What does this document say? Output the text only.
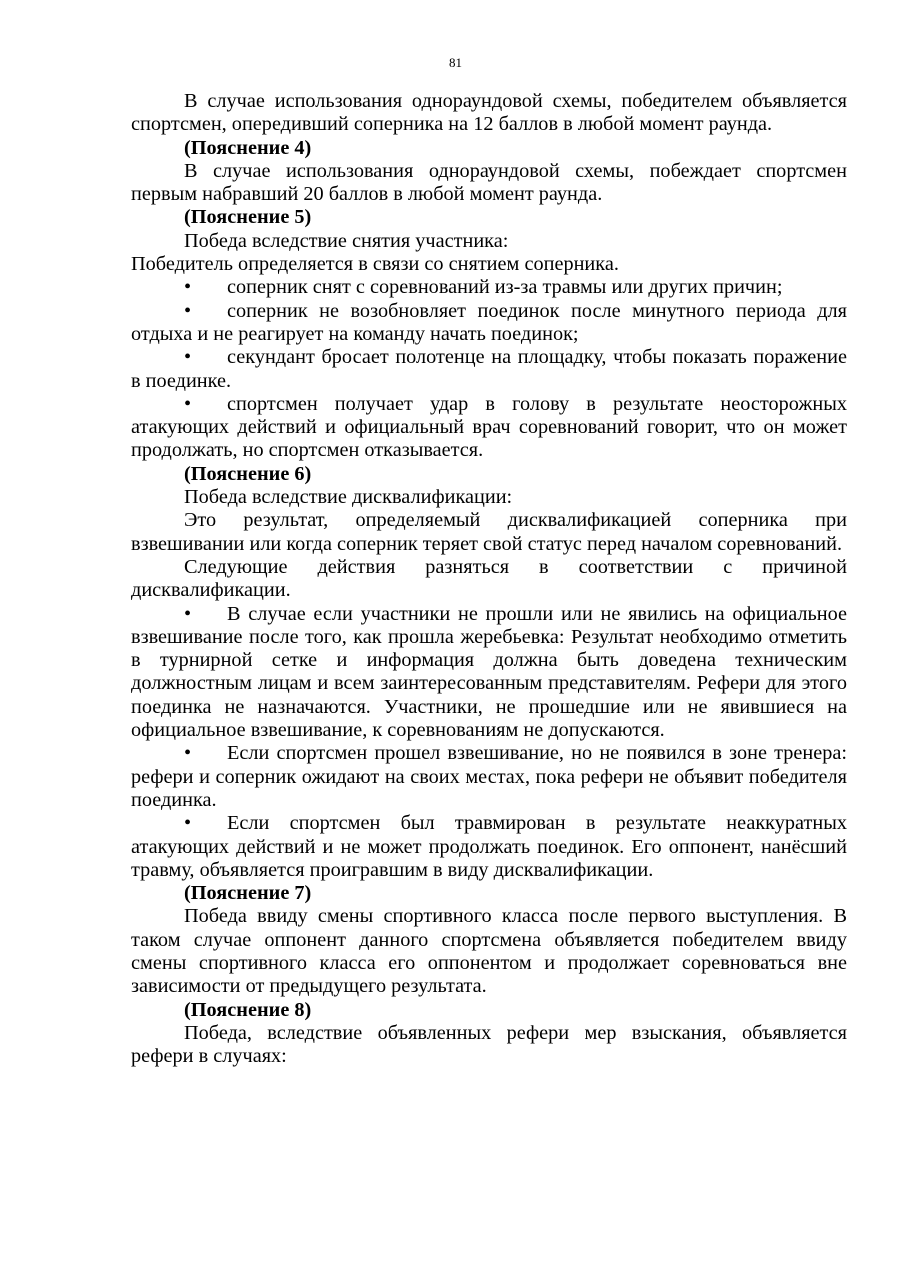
81

В случае использования однораундовой схемы, победителем объявляется спортсмен, опередивший соперника на 12 баллов в любой момент раунда.

(Пояснение 4)

В случае использования однораундовой схемы, побеждает спортсмен первым набравший 20 баллов в любой момент раунда.

(Пояснение 5)

Победа вследствие снятия участника:

Победитель определяется в связи со снятием соперника.

• соперник снят с соревнований из-за травмы или других причин;

• соперник не возобновляет поединок после минутного периода для отдыха и не реагирует на команду начать поединок;

• секундант бросает полотенце на площадку, чтобы показать поражение в поединке.

• спортсмен получает удар в голову в результате неосторожных атакующих действий и официальный врач соревнований говорит, что он может продолжать, но спортсмен отказывается.

(Пояснение 6)

Победа вследствие дисквалификации:

Это результат, определяемый дисквалификацией соперника при взвешивании или когда соперник теряет свой статус перед началом соревнований.

Следующие действия разняться в соответствии с причиной дисквалификации.

• В случае если участники не прошли или не явились на официальное взвешивание после того, как прошла жеребьевка: Результат необходимо отметить в турнирной сетке и информация должна быть доведена техническим должностным лицам и всем заинтересованным представителям. Рефери для этого поединка не назначаются. Участники, не прошедшие или не явившиеся на официальное взвешивание, к соревнованиям не допускаются.

• Если спортсмен прошел взвешивание, но не появился в зоне тренера: рефери и соперник ожидают на своих местах, пока рефери не объявит победителя поединка.

• Если спортсмен был травмирован в результате неаккуратных атакующих действий и не может продолжать поединок. Его оппонент, нанёсший травму, объявляется проигравшим в виду дисквалификации.

(Пояснение 7)

Победа ввиду смены спортивного класса после первого выступления. В таком случае оппонент данного спортсмена объявляется победителем ввиду смены спортивного класса его оппонентом и продолжает соревноваться вне зависимости от предыдущего результата.

(Пояснение 8)

Победа, вследствие объявленных рефери мер взыскания, объявляется рефери в случаях:
